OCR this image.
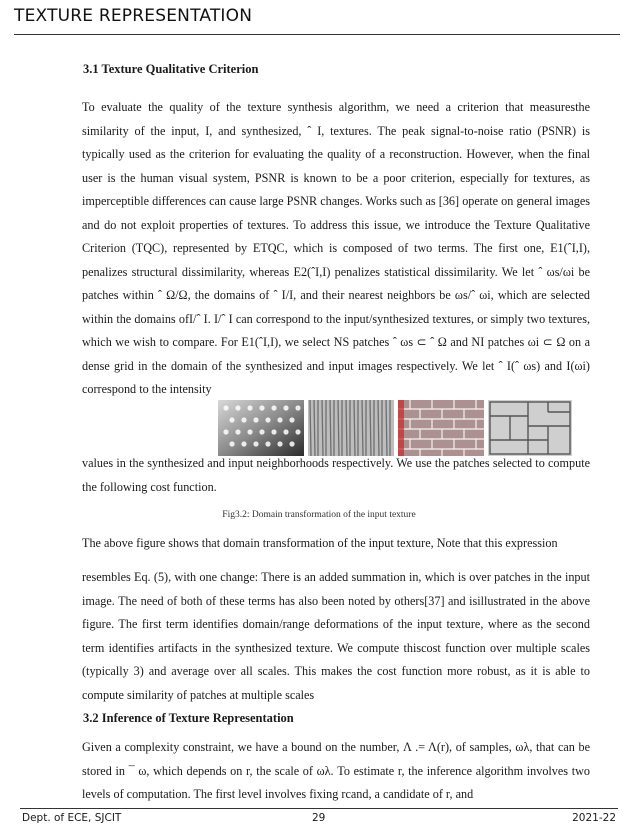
TEXTURE REPRESENTATION
3.1 Texture Qualitative Criterion
To evaluate the quality of the texture synthesis algorithm, we need a criterion that measuresthe similarity of the input, I, and synthesized, ˆ I, textures. The peak signal-to-noise ratio (PSNR) is typically used as the criterion for evaluating the quality of a reconstruction. However, when the final user is the human visual system, PSNR is known to be a poor criterion, especially for textures, as imperceptible differences can cause large PSNR changes. Works such as [36] operate on general images and do not exploit properties of textures. To address this issue, we introduce the Texture Qualitative Criterion (TQC), represented by ETQC, which is composed of two terms. The first one, E1(ˆI,I), penalizes structural dissimilarity, whereas E2(ˆI,I) penalizes statistical dissimilarity. We let ˆ ωs/ωi be patches within ˆ Ω/Ω, the domains of ˆ I/I, and their nearest neighbors be ωs/ˆ ωi, which are selected within the domains ofI/ˆ I. I/ˆ I can correspond to the input/synthesized textures, or simply two textures, which we wish to compare. For E1(ˆI,I), we select NS patches ˆ ωs ⊂ ˆ Ω and NI patches ωi ⊂ Ω on a dense grid in the domain of the synthesized and input images respectively. We let ˆ I(ˆ ωs) and I(ωi) correspond to the intensity
values in the synthesized and input neighborhoods respectively. We use the patches selected to compute the following cost function.
Fig3.2: Domain transformation of the input texture
The above figure shows that domain transformation of the input texture, Note that this expression
resembles Eq. (5), with one change: There is an added summation in, which is over patches in the input image. The need of both of these terms has also been noted by others[37] and isillustrated in the above figure. The first term identifies domain/range deformations of the input texture, where as the second term identifies artifacts in the synthesized texture. We compute thiscost function over multiple scales (typically 3) and average over all scales. This makes the cost function more robust, as it is able to compute similarity of patches at multiple scales
3.2 Inference of Texture Representation
Given a complexity constraint, we have a bound on the number, Λ .= Λ(r), of samples, ωλ, that can be stored in ¯ ω, which depends on r, the scale of ωλ. To estimate r, the inference algorithm involves two levels of computation. The first level involves fixing rcand, a candidate of r, and
Dept. of ECE, SJCIT	29	2021-22
